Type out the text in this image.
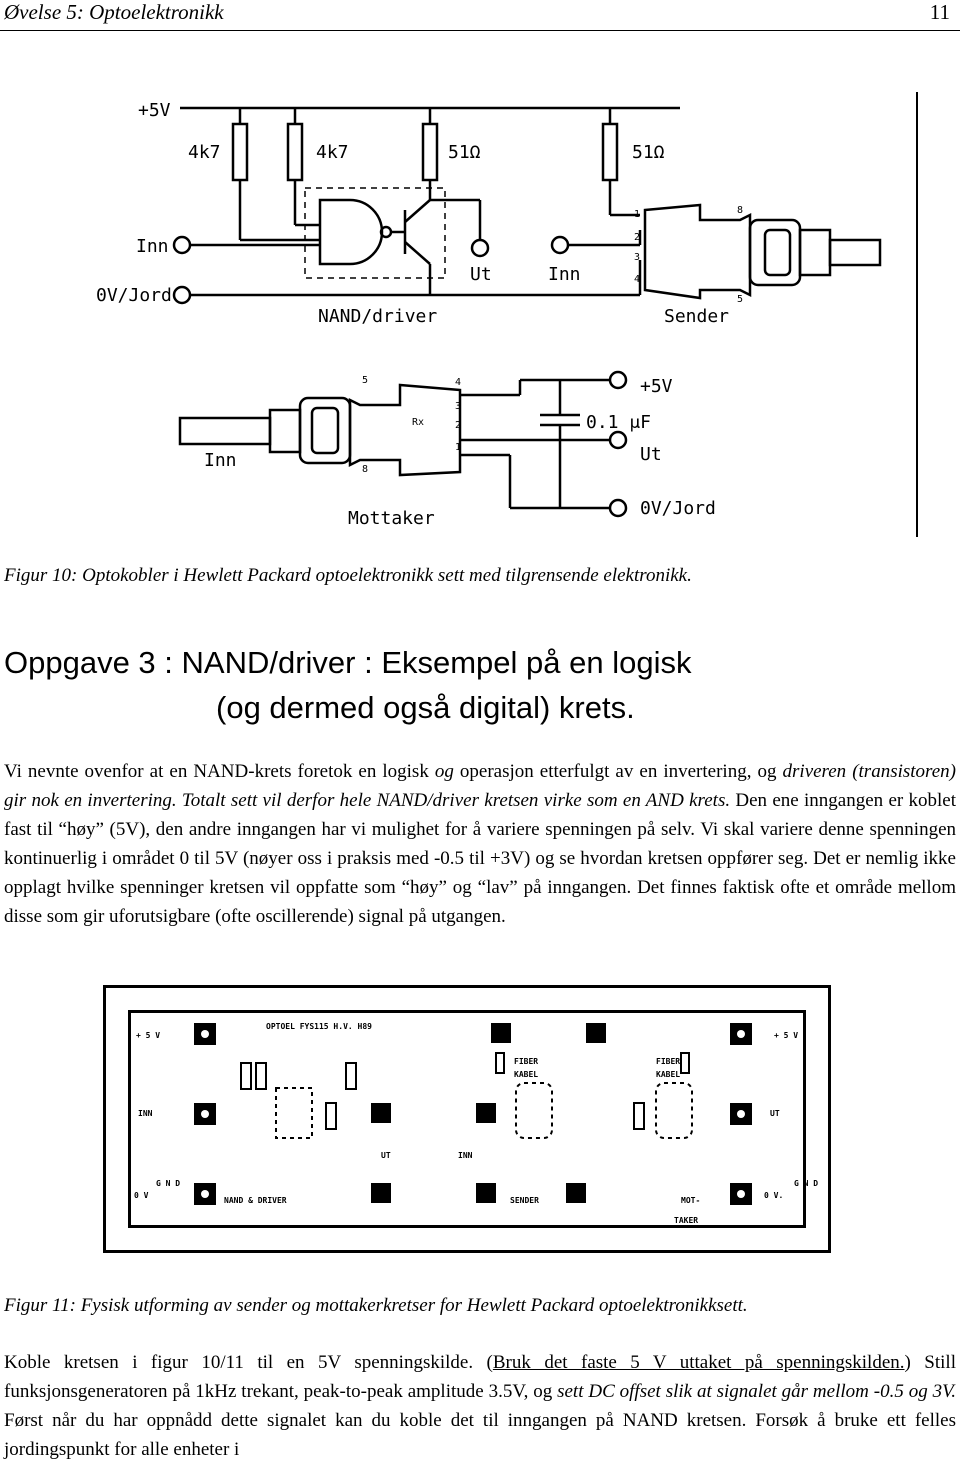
Øvelse 5: Optoelektronikk	11
+5V
4k7	4k7	51Ω	51Ω
Inn
0V/Jord
NAND/driver
Ut	Inn
Sender
+5V
0.1 μF
Ut
0V/Jord
Inn
Mottaker
1
2
3
4
5
8
Rx
5	4
3
2
1
8
Figur 10: Optokobler i Hewlett Packard optoelektronikk sett med tilgrensende elektronikk.
Oppgave 3 : NAND/driver : Eksempel på en logisk
(og dermed også digital) krets.
Vi nevnte ovenfor at en NAND-krets foretok en logisk og operasjon etterfulgt av en invertering, og driveren (transistoren) gir nok en invertering. Totalt sett vil derfor hele NAND/driver kretsen virke som en AND krets. Den ene inngangen er koblet fast til “høy” (5V), den andre inngangen har vi mulighet for å variere spenningen på selv. Vi skal variere denne spenningen kontinuerlig i området 0 til 5V (nøyer oss i praksis med -0.5 til +3V) og se hvordan kretsen oppfører seg. Det er nemlig ikke opplagt hvilke spenninger kretsen vil oppfatte som “høy” og “lav” på inngangen. Det finnes faktisk ofte et område mellom disse som gir uforutsigbare (ofte oscillerende) signal på utgangen.
OPTOEL FYS115 H.V. H89
+ 5 V	+ 5 V
INN	UT
FIBER
KABEL
FIBER
KABEL
UT	INN
0 V
G N D
0 V.
G N D
NAND & DRIVER	SENDER	MOT-
TAKER
Figur 11: Fysisk utforming av sender og mottakerkretser for Hewlett Packard optoelektronikksett.
Koble kretsen i figur 10/11 til en 5V spenningskilde. (Bruk det faste 5 V uttaket på spenningskilden.) Still funksjonsgeneratoren på 1kHz trekant, peak-to-peak amplitude 3.5V, og sett DC offset slik at signalet går mellom -0.5 og 3V. Først når du har oppnådd dette signalet kan du koble det til inngangen på NAND kretsen. Forsøk å bruke ett felles jordingspunkt for alle enheter i
